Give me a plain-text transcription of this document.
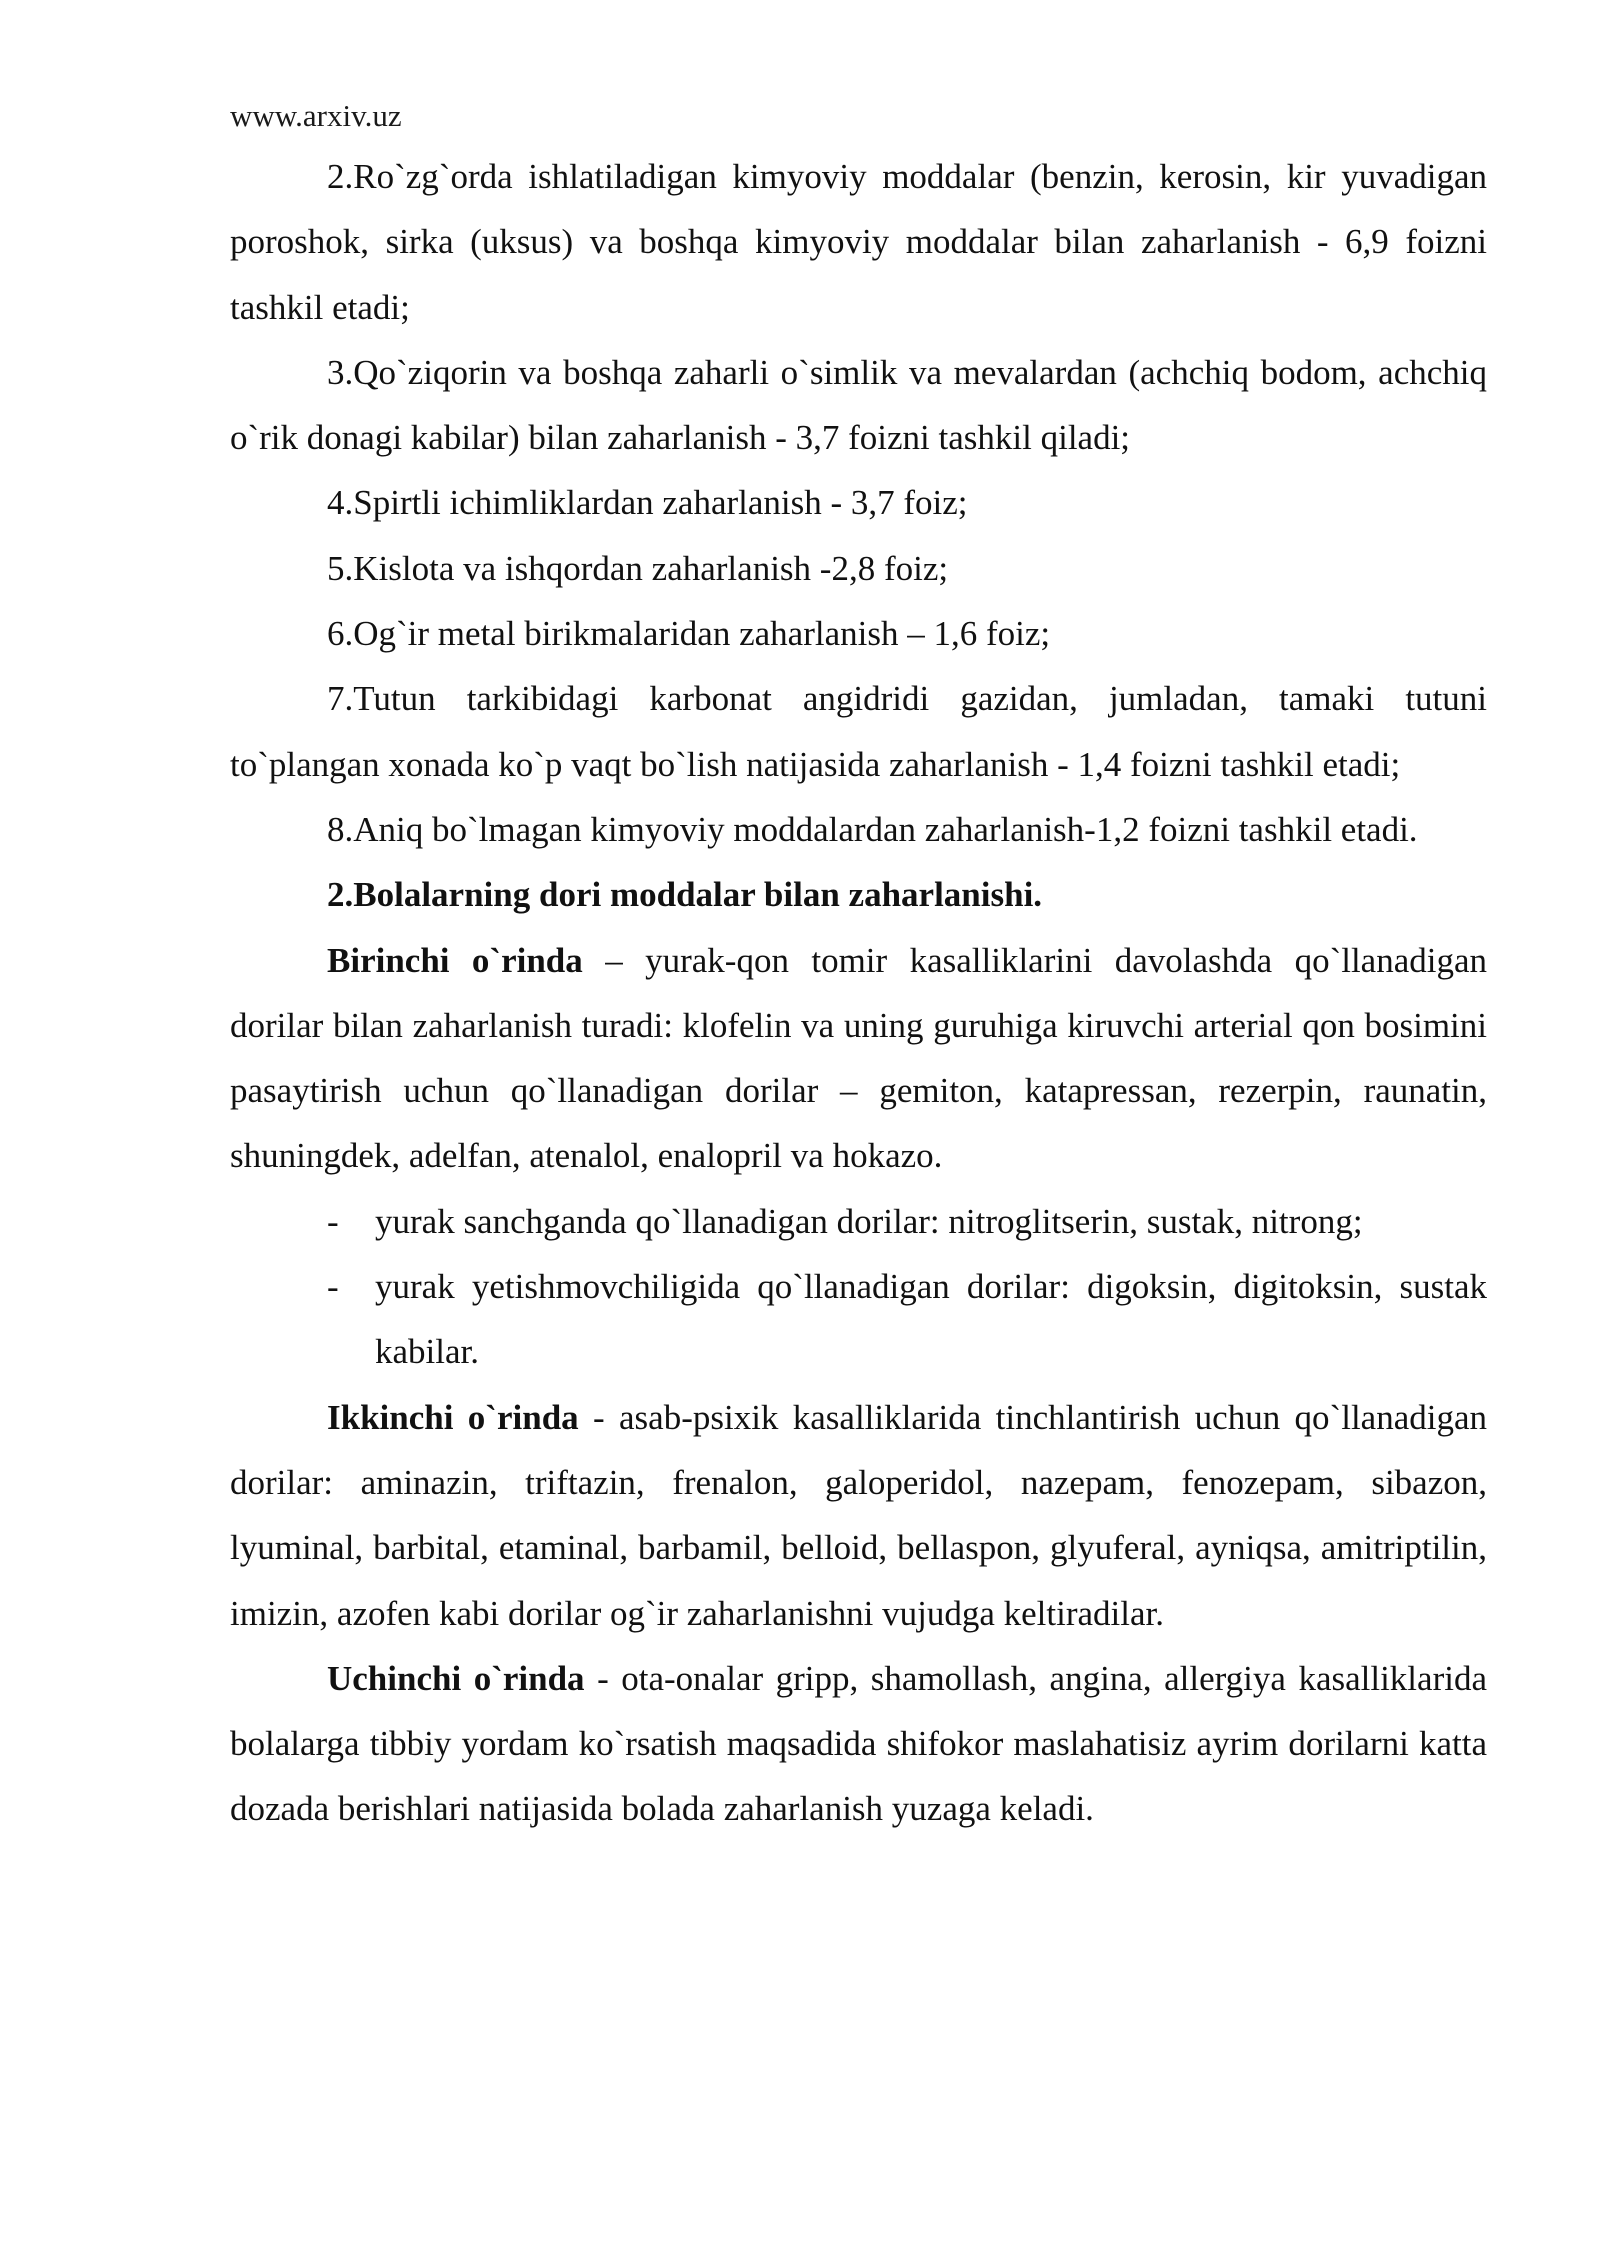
www.arxiv.uz

2.Ro`zg`orda ishlatiladigan kimyoviy moddalar (benzin, kerosin, kir yuvadigan poroshok, sirka (uksus) va boshqa kimyoviy moddalar bilan zaharlanish - 6,9 foizni tashkil etadi;

3.Qo`ziqorin va boshqa zaharli o`simlik va mevalardan (achchiq bodom, achchiq o`rik donagi kabilar) bilan zaharlanish - 3,7 foizni tashkil qiladi;

4.Spirtli ichimliklardan zaharlanish - 3,7 foiz;

5.Kislota va ishqordan zaharlanish -2,8 foiz;

6.Og`ir metal birikmalaridan zaharlanish – 1,6 foiz;

7.Tutun tarkibidagi karbonat angidridi gazidan, jumladan, tamaki tutuni to`plangan xonada ko`p vaqt bo`lish natijasida zaharlanish - 1,4 foizni tashkil etadi;

8.Aniq bo`lmagan kimyoviy moddalardan zaharlanish-1,2 foizni tashkil etadi.

2.Bolalarning dori moddalar bilan zaharlanishi.

Birinchi o`rinda – yurak-qon tomir kasalliklarini davolashda qo`llanadigan dorilar bilan zaharlanish turadi: klofelin va uning guruhiga kiruvchi arterial qon bosimini pasaytirish uchun qo`llanadigan dorilar – gemiton, katapressan, rezerpin, raunatin, shuningdek, adelfan, atenalol, enalopril va hokazo.

- yurak sanchganda qo`llanadigan dorilar: nitroglitserin, sustak, nitrong;

- yurak yetishmovchiligida qo`llanadigan dorilar: digoksin, digitoksin, sustak kabilar.

Ikkinchi o`rinda - asab-psixik kasalliklarida tinchlantirish uchun qo`llanadigan dorilar: aminazin, triftazin, frenalon, galoperidol, nazepam, fenozepam, sibazon, lyuminal, barbital, etaminal, barbamil, belloid, bellaspon, glyuferal, ayniqsa, amitriptilin, imizin, azofen kabi dorilar og`ir zaharlanishni vujudga keltiradilar.

Uchinchi o`rinda - ota-onalar gripp, shamollash, angina, allergiya kasalliklarida bolalarga tibbiy yordam ko`rsatish maqsadida shifokor maslahatisiz ayrim dorilarni katta dozada berishlari natijasida bolada zaharlanish yuzaga keladi.
